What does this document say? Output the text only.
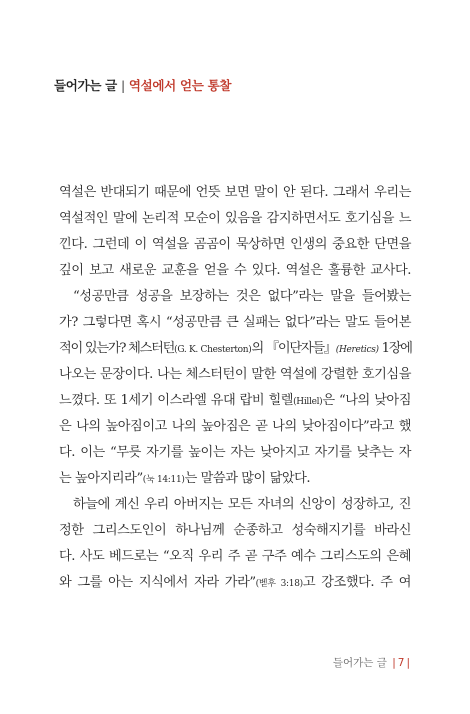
들어가는 글 | 역설에서 얻는 통찰
역설은 반대되기 때문에 언뜻 보면 말이 안 된다. 그래서 우리는
역설적인 말에 논리적 모순이 있음을 감지하면서도 호기심을 느
낀다. 그런데 이 역설을 곰곰이 묵상하면 인생의 중요한 단면을
깊이 보고 새로운 교훈을 얻을 수 있다. 역설은 훌륭한 교사다.
“성공만큼 성공을 보장하는 것은 없다”라는 말을 들어봤는
가? 그렇다면 혹시 “성공만큼 큰 실패는 없다”라는 말도 들어본
적이 있는가? 체스터턴(G. K. Chesterton)의 『이단자들』(Heretics) 1장에
나오는 문장이다. 나는 체스터턴이 말한 역설에 강렬한 호기심을
느꼈다. 또 1세기 이스라엘 유대 랍비 힐렐(Hillel)은 “나의 낮아짐
은 나의 높아짐이고 나의 높아짐은 곧 나의 낮아짐이다”라고 했
다. 이는 “무릇 자기를 높이는 자는 낮아지고 자기를 낮추는 자
는 높아지리라”(눅 14:11)는 말씀과 많이 닮았다.
하늘에 계신 우리 아버지는 모든 자녀의 신앙이 성장하고, 진
정한 그리스도인이 하나님께 순종하고 성숙해지기를 바라신
다. 사도 베드로는 “오직 우리 주 곧 구주 예수 그리스도의 은혜
와 그를 아는 지식에서 자라 가라”(벧후 3:18)고 강조했다. 주 여
들어가는 글 | 7 |
